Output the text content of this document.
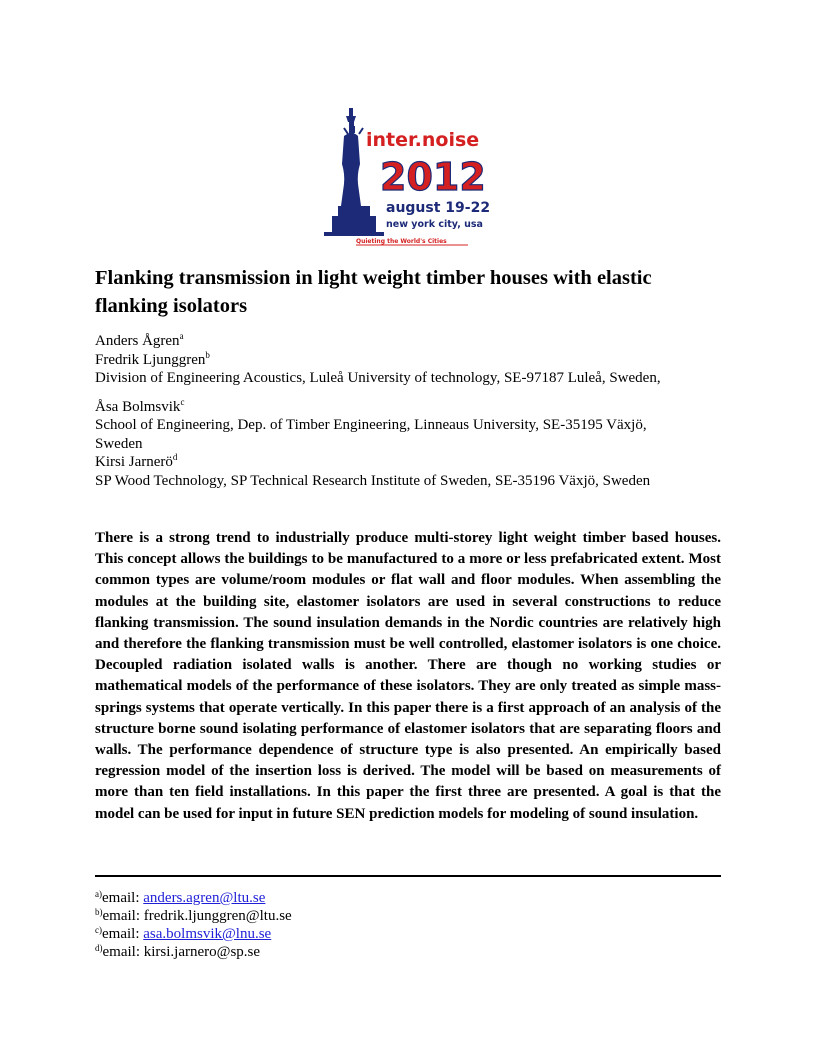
inter.noise
2012
august 19-22
new york city, usa
Quieting the World's Cities
Flanking transmission in light weight timber houses with elastic
flanking isolators
Anders Ågren$^a$
Fredrik Ljunggren$^b$
Division of Engineering Acoustics, Luleå University of technology, SE-97187 Luleå, Sweden,
Åsa Bolmsvik$^c$
School of Engineering, Dep. of Timber Engineering, Linneaus University, SE-35195 Växjö,
Sweden
Kirsi Jarnerö$^d$
SP Wood Technology, SP Technical Research Institute of Sweden, SE-35196 Växjö, Sweden
There is a strong trend to industrially produce multi-storey light weight timber based houses. This concept allows the buildings to be manufactured to a more or less prefabricated extent. Most common types are volume/room modules or flat wall and floor modules. When assembling the modules at the building site, elastomer isolators are used in several constructions to reduce flanking transmission. The sound insulation demands in the Nordic countries are relatively high and therefore the flanking transmission must be well controlled, elastomer isolators is one choice. Decoupled radiation isolated walls is another. There are though no working studies or mathematical models of the performance of these isolators. They are only treated as simple mass-springs systems that operate vertically. In this paper there is a first approach of an analysis of the structure borne sound isolating performance of elastomer isolators that are separating floors and walls. The performance dependence of structure type is also presented. An empirically based regression model of the insertion loss is derived. The model will be based on measurements of more than ten field installations. In this paper the first three are presented. A goal is that the model can be used for input in future SEN prediction models for modeling of sound insulation.
$^{a)}$email: anders.agren@ltu.se
$^{b)}$email: fredrik.ljunggren@ltu.se
$^{c)}$email: asa.bolmsvik@lnu.se
$^{d)}$email: kirsi.jarnero@sp.se
